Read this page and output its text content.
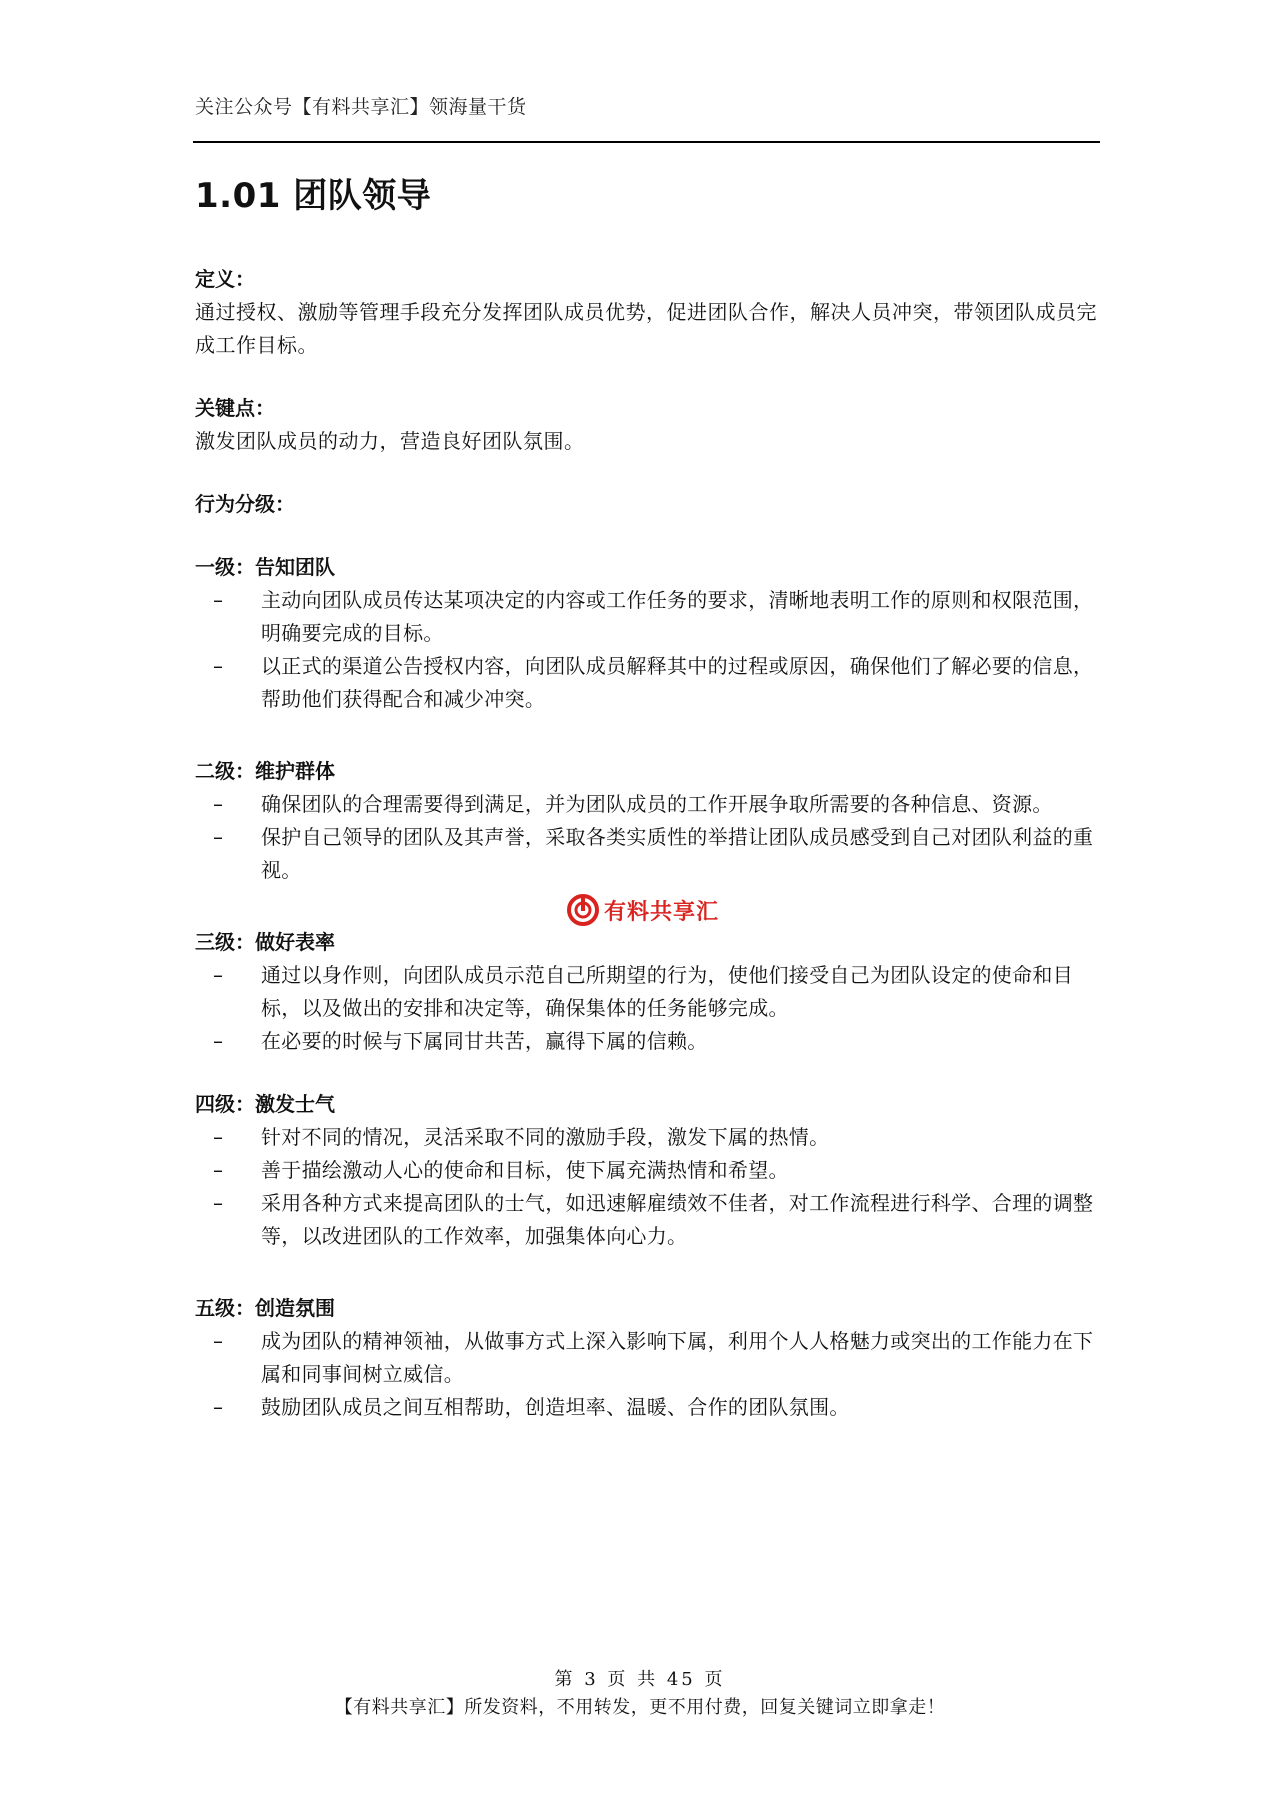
关注公众号【有料共享汇】领海量干货
1.01 团队领导

定义：

通过授权、激励等管理手段充分发挥团队成员优势，促进团队合作，解决人员冲突，带领团队成员完成工作目标。

关键点：

激发团队成员的动力，营造良好团队氛围。

行为分级：

一级：告知团队

– 主动向团队成员传达某项决定的内容或工作任务的要求，清晰地表明工作的原则和权限范围，明确要完成的目标。
– 以正式的渠道公告授权内容，向团队成员解释其中的过程或原因，确保他们了解必要的信息，帮助他们获得配合和减少冲突。

二级：维护群体

– 确保团队的合理需要得到满足，并为团队成员的工作开展争取所需要的各种信息、资源。
– 保护自己领导的团队及其声誉，采取各类实质性的举措让团队成员感受到自己对团队利益的重视。

三级：做好表率

– 通过以身作则，向团队成员示范自己所期望的行为，使他们接受自己为团队设定的使命和目标，以及做出的安排和决定等，确保集体的任务能够完成。
– 在必要的时候与下属同甘共苦，赢得下属的信赖。

四级：激发士气

– 针对不同的情况，灵活采取不同的激励手段，激发下属的热情。
– 善于描绘激动人心的使命和目标，使下属充满热情和希望。
– 采用各种方式来提高团队的士气，如迅速解雇绩效不佳者，对工作流程进行科学、合理的调整等，以改进团队的工作效率，加强集体向心力。

五级：创造氛围

– 成为团队的精神领袖，从做事方式上深入影响下属，利用个人人格魅力或突出的工作能力在下属和同事间树立威信。
– 鼓励团队成员之间互相帮助，创造坦率、温暖、合作的团队氛围。
有料共享汇
第 3 页 共 45 页
【有料共享汇】所发资料，不用转发，更不用付费，回复关键词立即拿走！
